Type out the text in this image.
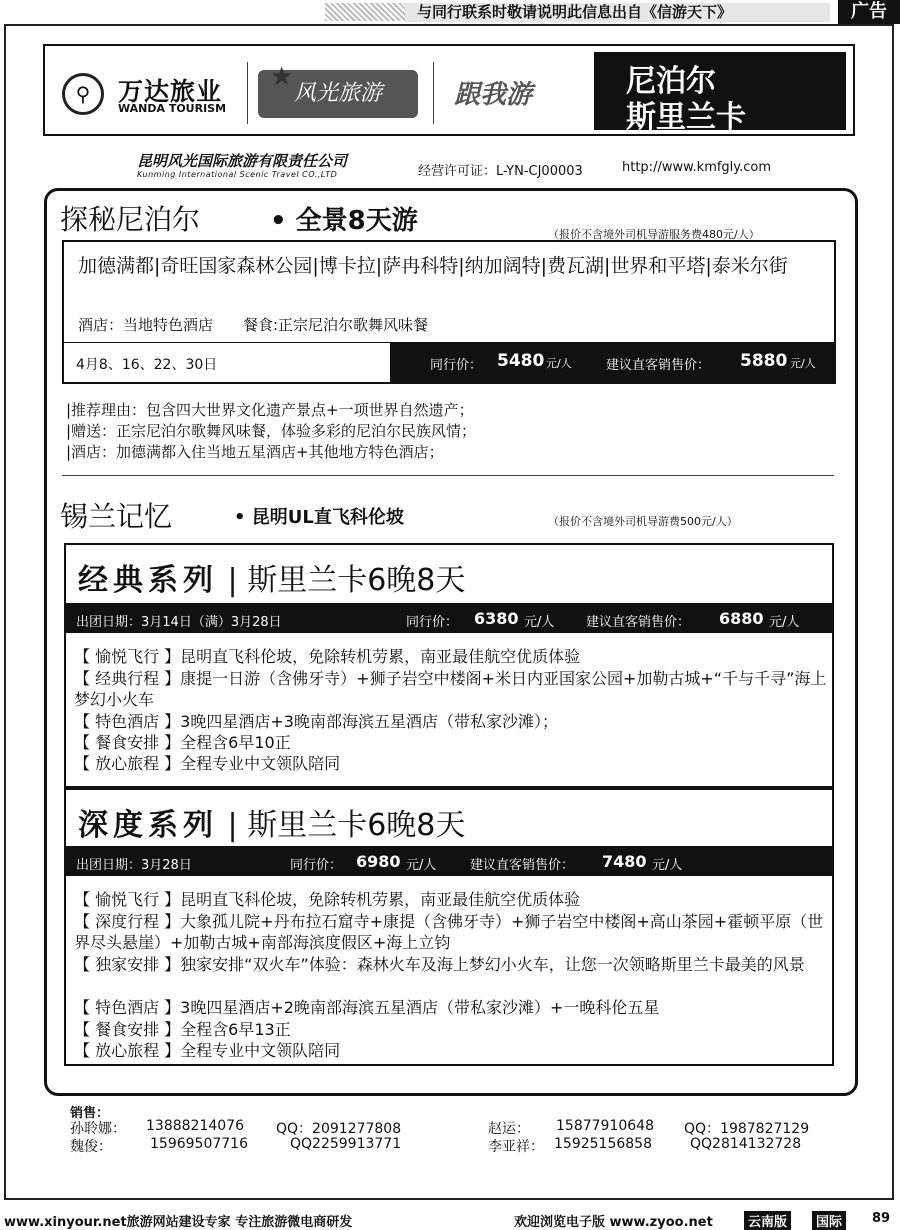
与同行联系时敬请说明此信息出自《信游天下》	广告
⚲	万达旅业
WANDA TOURISM
风光旅游
★
跟我游	尼泊尔
斯里兰卡
昆明风光国际旅游有限责任公司
Kunming International Scenic Travel CO.,LTD	经营许可证：L-YN-CJ00003	http://www.kmfgly.com
探秘尼泊尔	• 全景8天游	（报价不含境外司机导游服务费480元/人）
加德满都|奇旺国家森林公园|博卡拉|萨冉科特|纳加阔特|费瓦湖|世界和平塔|泰米尔街
酒店：当地特色酒店　　餐食:正宗尼泊尔歌舞风味餐
4月8、16、22、30日	同行价： 5480 元/人	建议直客销售价： 5880 元/人
|推荐理由：包含四大世界文化遗产景点+一项世界自然遗产；
|赠送：正宗尼泊尔歌舞风味餐，体验多彩的尼泊尔民族风情；
|酒店：加德满都入住当地五星酒店+其他地方特色酒店；
锡兰记忆	• 昆明UL直飞科伦坡	（报价不含境外司机导游费500元/人）
经典系列 | 斯里兰卡6晚8天
出团日期：3月14日（满）3月28日	同行价： 6380 元/人 建议直客销售价： 6880 元/人
【 愉悦飞行 】昆明直飞科伦坡，免除转机劳累，南亚最佳航空优质体验
【 经典行程 】康提一日游（含佛牙寺）+狮子岩空中楼阁+米日内亚国家公园+加勒古城+“千与千寻”海上梦幻小火车
【 特色酒店 】3晚四星酒店+3晚南部海滨五星酒店（带私家沙滩）；
【 餐食安排 】全程含6早10正
【 放心旅程 】全程专业中文领队陪同
深度系列 | 斯里兰卡6晚8天
出团日期：3月28日	同行价： 6980 元/人	建议直客销售价： 7480 元/人
【 愉悦飞行 】昆明直飞科伦坡，免除转机劳累，南亚最佳航空优质体验
【 深度行程 】大象孤儿院+丹布拉石窟寺+康提（含佛牙寺）+狮子岩空中楼阁+高山茶园+霍顿平原（世界尽头悬崖）+加勒古城+南部海滨度假区+海上立钧
【 独家安排 】独家安排“双火车”体验：森林火车及海上梦幻小火车，让您一次领略斯里兰卡最美的风景
【 特色酒店 】3晚四星酒店+2晚南部海滨五星酒店（带私家沙滩）+一晚科伦五星
【 餐食安排 】全程含6早13正
【 放心旅程 】全程专业中文领队陪同
销售：
孙聆娜： 13888214076 QQ：2091277808
魏俊：	15969507716	QQ2259913771
赵运： 15877910648 QQ：1987827129
李亚祥： 15925156858	QQ2814132728
www.xinyour.net旅游网站建设专家 专注旅游微电商研发	欢迎浏览电子版 www.zyoo.net	云南版	国际	89
